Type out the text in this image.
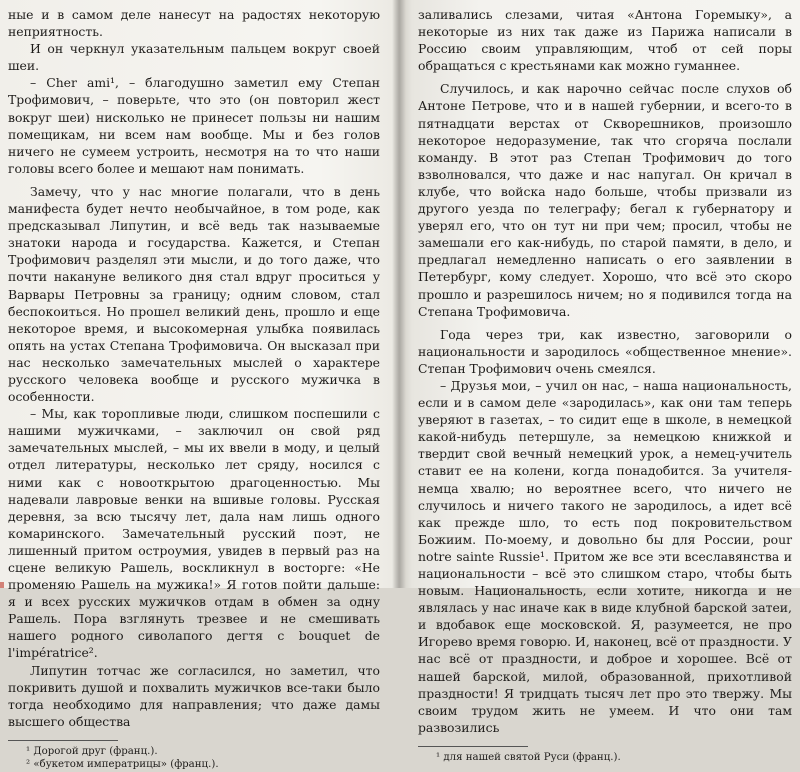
ные и в самом деле нанесут на радостях некоторую неприятность.

И он черкнул указательным пальцем вокруг своей шеи.

– Cher ami¹, – благодушно заметил ему Степан Трофимович, – поверьте, что это (он повторил жест вокруг шеи) нисколько не принесет пользы ни нашим помещикам, ни всем нам вообще. Мы и без голов ничего не сумеем устроить, несмотря на то что наши головы всего более и мешают нам понимать.

Замечу, что у нас многие полагали, что в день манифеста будет нечто необычайное, в том роде, как предсказывал Липутин, и всё ведь так называемые знатоки народа и государства. Кажется, и Степан Трофимович разделял эти мысли, и до того даже, что почти накануне великого дня стал вдруг проситься у Варвары Петровны за границу; одним словом, стал беспокоиться. Но прошел великий день, прошло и еще некоторое время, и высокомерная улыбка появилась опять на устах Степана Трофимовича. Он высказал при нас несколько замечательных мыслей о характере русского человека вообще и русского мужичка в особенности.

– Мы, как торопливые люди, слишком поспешили с нашими мужичками, – заключил он свой ряд замечательных мыслей, – мы их ввели в моду, и целый отдел литературы, несколько лет сряду, носился с ними как с новооткрытою драгоценностью. Мы надевали лавровые венки на вшивые головы. Русская деревня, за всю тысячу лет, дала нам лишь одного комаринского. Замечательный русский поэт, не лишенный притом остроумия, увидев в первый раз на сцене великую Рашель, воскликнул в восторге: «Не променяю Рашель на мужика!» Я готов пойти дальше: я и всех русских мужичков отдам в обмен за одну Рашель. Пора взглянуть трезвее и не смешивать нашего родного сиволапого дегтя с bouquet de l'impératrice².

Липутин тотчас же согласился, но заметил, что покривить душой и похвалить мужичков все-таки было тогда необходимо для направления; что даже дамы высшего общества

¹ Дорогой друг (франц.).

² «букетом императрицы» (франц.).

заливались слезами, читая «Антона Горемыку», а некоторые из них так даже из Парижа написали в Россию своим управляющим, чтоб от сей поры обращаться с крестьянами как можно гуманнее.

Случилось, и как нарочно сейчас после слухов об Антоне Петрове, что и в нашей губернии, и всего-то в пятнадцати верстах от Скворешников, произошло некоторое недоразумение, так что сгоряча послали команду. В этот раз Степан Трофимович до того взволновался, что даже и нас напугал. Он кричал в клубе, что войска надо больше, чтобы призвали из другого уезда по телеграфу; бегал к губернатору и уверял его, что он тут ни при чем; просил, чтобы не замешали его как-нибудь, по старой памяти, в дело, и предлагал немедленно написать о его заявлении в Петербург, кому следует. Хорошо, что всё это скоро прошло и разрешилось ничем; но я подивился тогда на Степана Трофимовича.

Года через три, как известно, заговорили о национальности и зародилось «общественное мнение». Степан Трофимович очень смеялся.

– Друзья мои, – учил он нас, – наша национальность, если и в самом деле «зародилась», как они там теперь уверяют в газетах, – то сидит еще в школе, в немецкой какой-нибудь петершуле, за немецкою книжкой и твердит свой вечный немецкий урок, а немец-учитель ставит ее на колени, когда понадобится. За учителя-немца хвалю; но вероятнее всего, что ничего не случилось и ничего такого не зародилось, а идет всё как прежде шло, то есть под покровительством Божиим. По-моему, и довольно бы для России, pour notre sainte Russie¹. Притом же все эти всеславянства и национальности – всё это слишком старо, чтобы быть новым. Национальность, если хотите, никогда и не являлась у нас иначе как в виде клубной барской затеи, и вдобавок еще московской. Я, разумеется, не про Игорево время говорю. И, наконец, всё от праздности. У нас всё от праздности, и доброе и хорошее. Всё от нашей барской, милой, образованной, прихотливой праздности! Я тридцать тысяч лет про это твержу. Мы своим трудом жить не умеем. И что они там развозились

¹ для нашей святой Руси (франц.).
